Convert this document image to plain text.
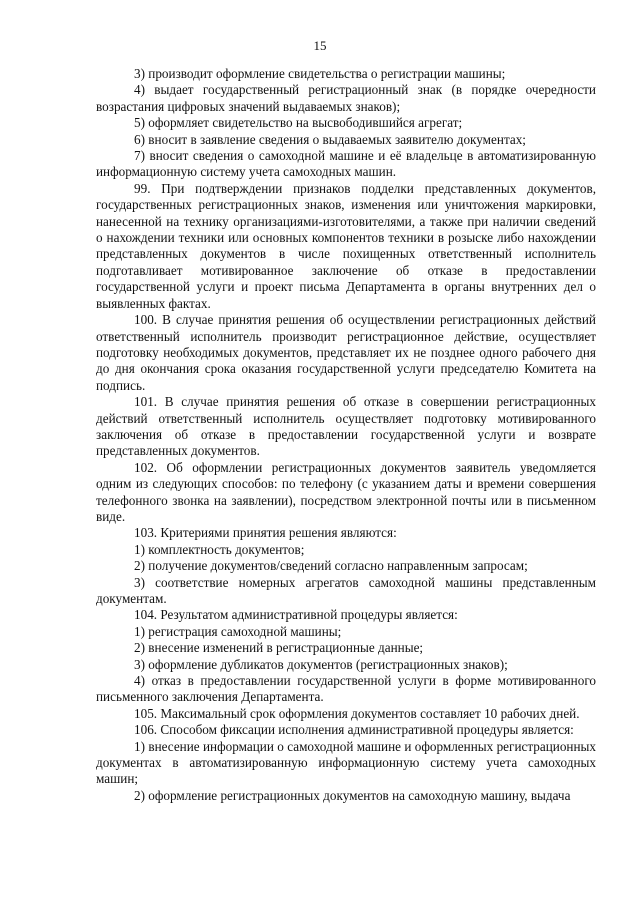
15

3) производит оформление свидетельства о регистрации машины;

4) выдает государственный регистрационный знак (в порядке очередности возрастания цифровых значений выдаваемых знаков);

5) оформляет свидетельство на высвободившийся агрегат;

6) вносит в заявление сведения о выдаваемых заявителю документах;

7) вносит сведения о самоходной машине и её владельце в автоматизированную информационную систему учета самоходных машин.

99. При подтверждении признаков подделки представленных документов, государственных регистрационных знаков, изменения или уничтожения маркировки, нанесенной на технику организациями-изготовителями, а также при наличии сведений о нахождении техники или основных компонентов техники в розыске либо нахождении представленных документов в числе похищенных ответственный исполнитель подготавливает мотивированное заключение об отказе в предоставлении государственной услуги и проект письма Департамента в органы внутренних дел о выявленных фактах.

100. В случае принятия решения об осуществлении регистрационных действий ответственный исполнитель производит регистрационное действие, осуществляет подготовку необходимых документов, представляет их не позднее одного рабочего дня до дня окончания срока оказания государственной услуги председателю Комитета на подпись.

101. В случае принятия решения об отказе в совершении регистрационных действий ответственный исполнитель осуществляет подготовку мотивированного заключения об отказе в предоставлении государственной услуги и возврате представленных документов.

102. Об оформлении регистрационных документов заявитель уведомляется одним из следующих способов: по телефону (с указанием даты и времени совершения телефонного звонка на заявлении), посредством электронной почты или в письменном виде.

103. Критериями принятия решения являются:

1) комплектность документов;

2) получение документов/сведений согласно направленным запросам;

3) соответствие номерных агрегатов самоходной машины представленным документам.

104. Результатом административной процедуры является:

1) регистрация самоходной машины;

2) внесение изменений в регистрационные данные;

3) оформление дубликатов документов (регистрационных знаков);

4) отказ в предоставлении государственной услуги в форме мотивированного письменного заключения Департамента.

105. Максимальный срок оформления документов составляет 10 рабочих дней.

106. Способом фиксации исполнения административной процедуры является:

1) внесение информации о самоходной машине и оформленных регистрационных документах в автоматизированную информационную систему учета самоходных машин;

2) оформление регистрационных документов на самоходную машину, выдача
